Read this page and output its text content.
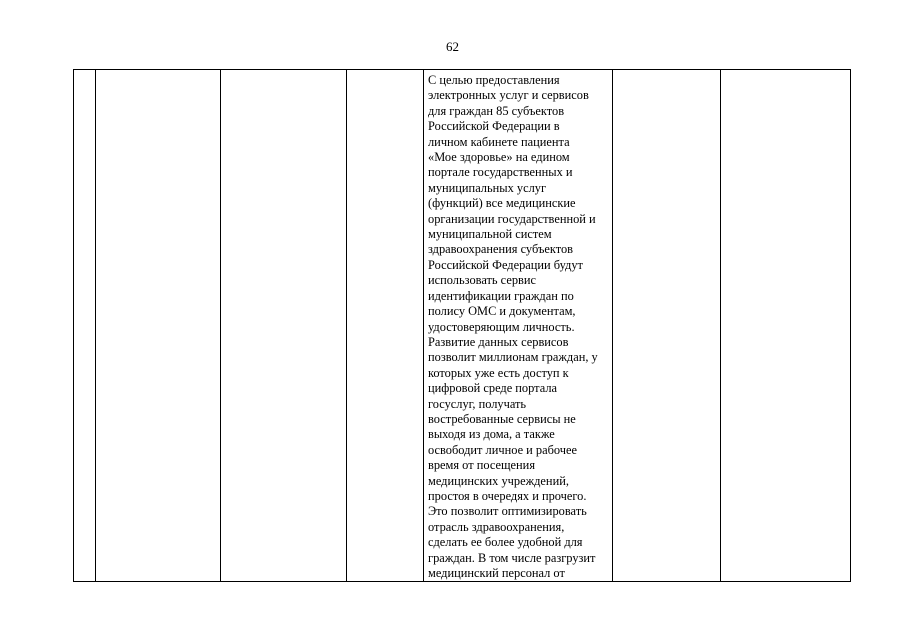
62

С целью предоставления
электронных услуг и сервисов
для граждан 85 субъектов
Российской Федерации в
личном кабинете пациента
«Мое здоровье» на едином
портале государственных и
муниципальных услуг
(функций) все медицинские
организации государственной и
муниципальной систем
здравоохранения субъектов
Российской Федерации будут
использовать сервис
идентификации граждан по
полису ОМС и документам,
удостоверяющим личность.
Развитие данных сервисов
позволит миллионам граждан, у
которых уже есть доступ к
цифровой среде портала
госуслуг, получать
востребованные сервисы не
выходя из дома, а также
освободит личное и рабочее
время от посещения
медицинских учреждений,
простоя в очередях и прочего.
Это позволит оптимизировать
отрасль здравоохранения,
сделать ее более удобной для
граждан. В том числе разгрузит
медицинский персонал от
